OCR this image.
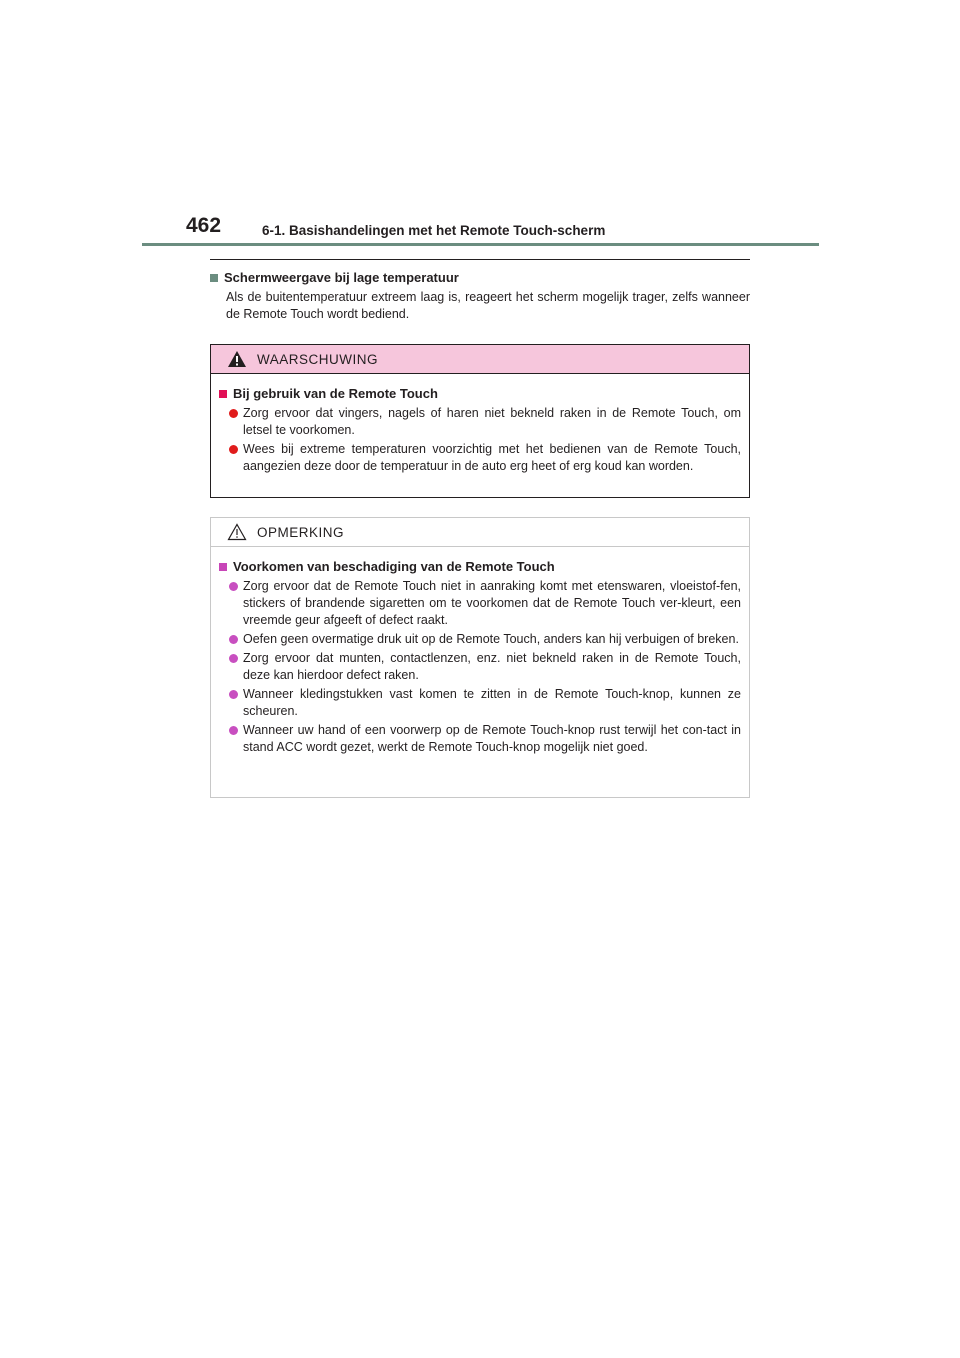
462	6-1. Basishandelingen met het Remote Touch-scherm
Schermweergave bij lage temperatuur

Als de buitentemperatuur extreem laag is, reageert het scherm mogelijk trager, zelfs wanneer de Remote Touch wordt bediend.

WAARSCHUWING
Bij gebruik van de Remote Touch
Zorg ervoor dat vingers, nagels of haren niet bekneld raken in de Remote Touch, om letsel te voorkomen.
Wees bij extreme temperaturen voorzichtig met het bedienen van de Remote Touch, aangezien deze door de temperatuur in de auto erg heet of erg koud kan worden.
OPMERKING
Voorkomen van beschadiging van de Remote Touch
Zorg ervoor dat de Remote Touch niet in aanraking komt met etenswaren, vloeistof-fen, stickers of brandende sigaretten om te voorkomen dat de Remote Touch ver-kleurt, een vreemde geur afgeeft of defect raakt.
Oefen geen overmatige druk uit op de Remote Touch, anders kan hij verbuigen of breken.
Zorg ervoor dat munten, contactlenzen, enz. niet bekneld raken in de Remote Touch, deze kan hierdoor defect raken.
Wanneer kledingstukken vast komen te zitten in de Remote Touch-knop, kunnen ze scheuren.
Wanneer uw hand of een voorwerp op de Remote Touch-knop rust terwijl het con-tact in stand ACC wordt gezet, werkt de Remote Touch-knop mogelijk niet goed.
